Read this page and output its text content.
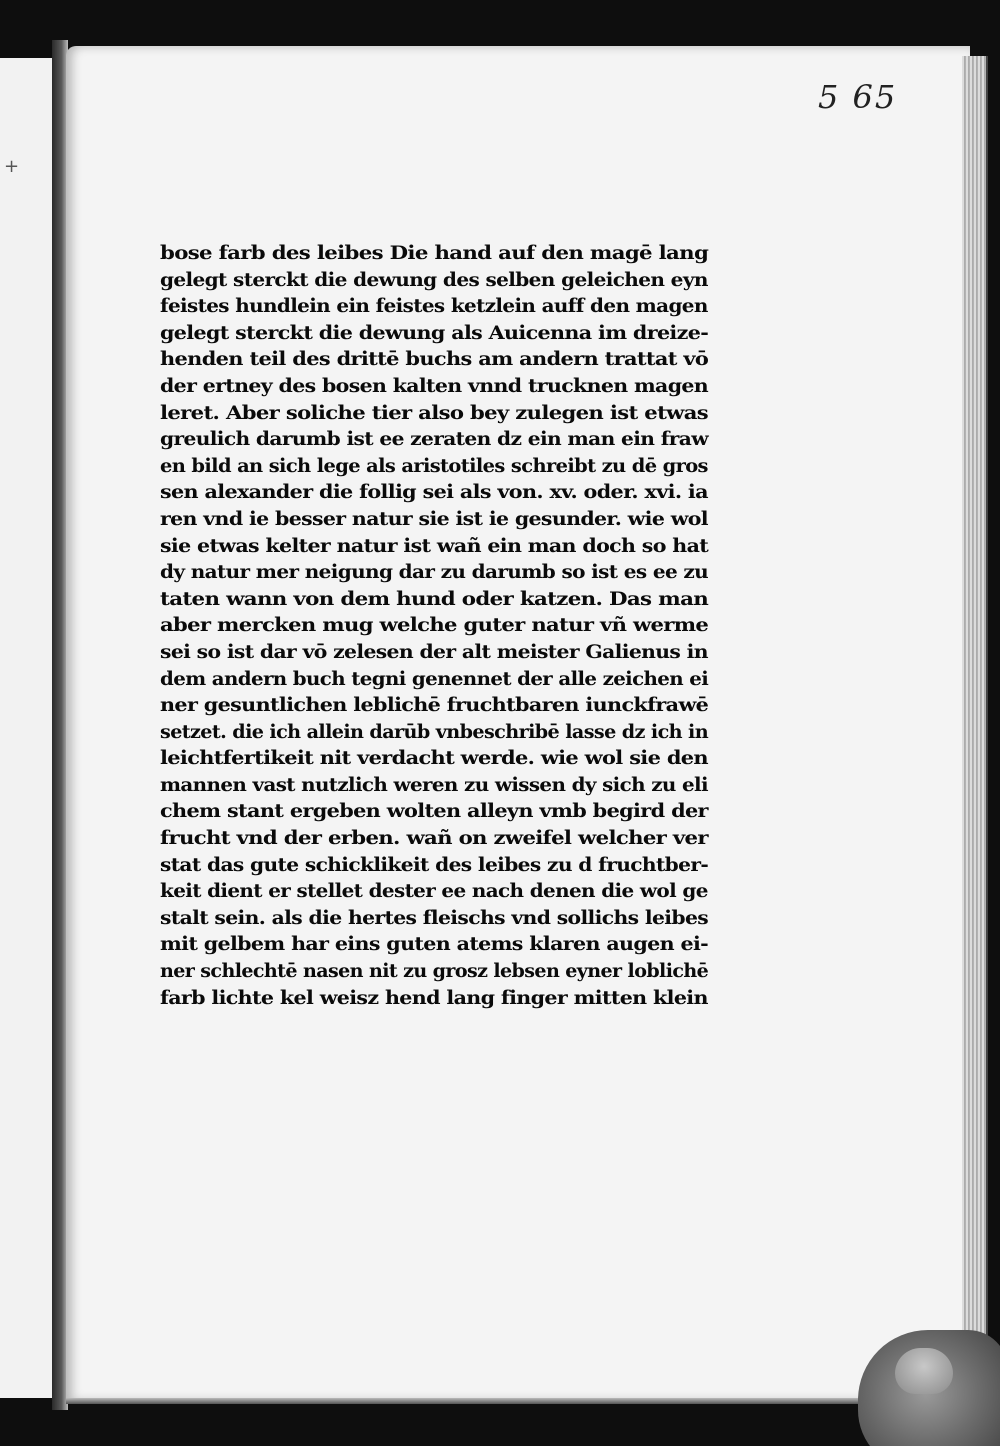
+
5 65
bose farb des leibes Die hand auf den magē lang
gelegt sterckt die dewung des selben geleichen eyn
feistes hundlein ein feistes ketzlein auff den magen
gelegt sterckt die dewung als Auicenna im dreize-
henden teil des drittē buchs am andern trattat vō
der ertney des bosen kalten vnnd trucknen magen
leret. Aber soliche tier also bey zulegen ist etwas
greulich darumb ist ee zeraten dz ein man ein fraw
en bild an sich lege als aristotiles schreibt zu dē gros
sen alexander die follig sei als von. xv. oder. xvi. ia
ren vnd ie besser natur sie ist ie gesunder. wie wol
sie etwas kelter natur ist wañ ein man doch so hat
dy natur mer neigung dar zu darumb so ist es ee zu
taten wann von dem hund oder katzen. Das man
aber mercken mug welche guter natur vñ werme
sei so ist dar vō zelesen der alt meister Galienus in
dem andern buch tegni genennet der alle zeichen ei
ner gesuntlichen leblichē fruchtbaren iunckfrawē
setzet. die ich allein darūb vnbeschribē lasse dz ich in
leichtfertikeit nit verdacht werde. wie wol sie den
mannen vast nutzlich weren zu wissen dy sich zu eli
chem stant ergeben wolten alleyn vmb begird der
frucht vnd der erben. wañ on zweifel welcher ver
stat das gute schicklikeit des leibes zu d fruchtber-
keit dient er stellet dester ee nach denen die wol ge
stalt sein. als die hertes fleischs vnd sollichs leibes
mit gelbem har eins guten atems klaren augen ei-
ner schlechtē nasen nit zu grosz lebsen eyner loblichē
farb lichte kel weisz hend lang finger mitten klein
